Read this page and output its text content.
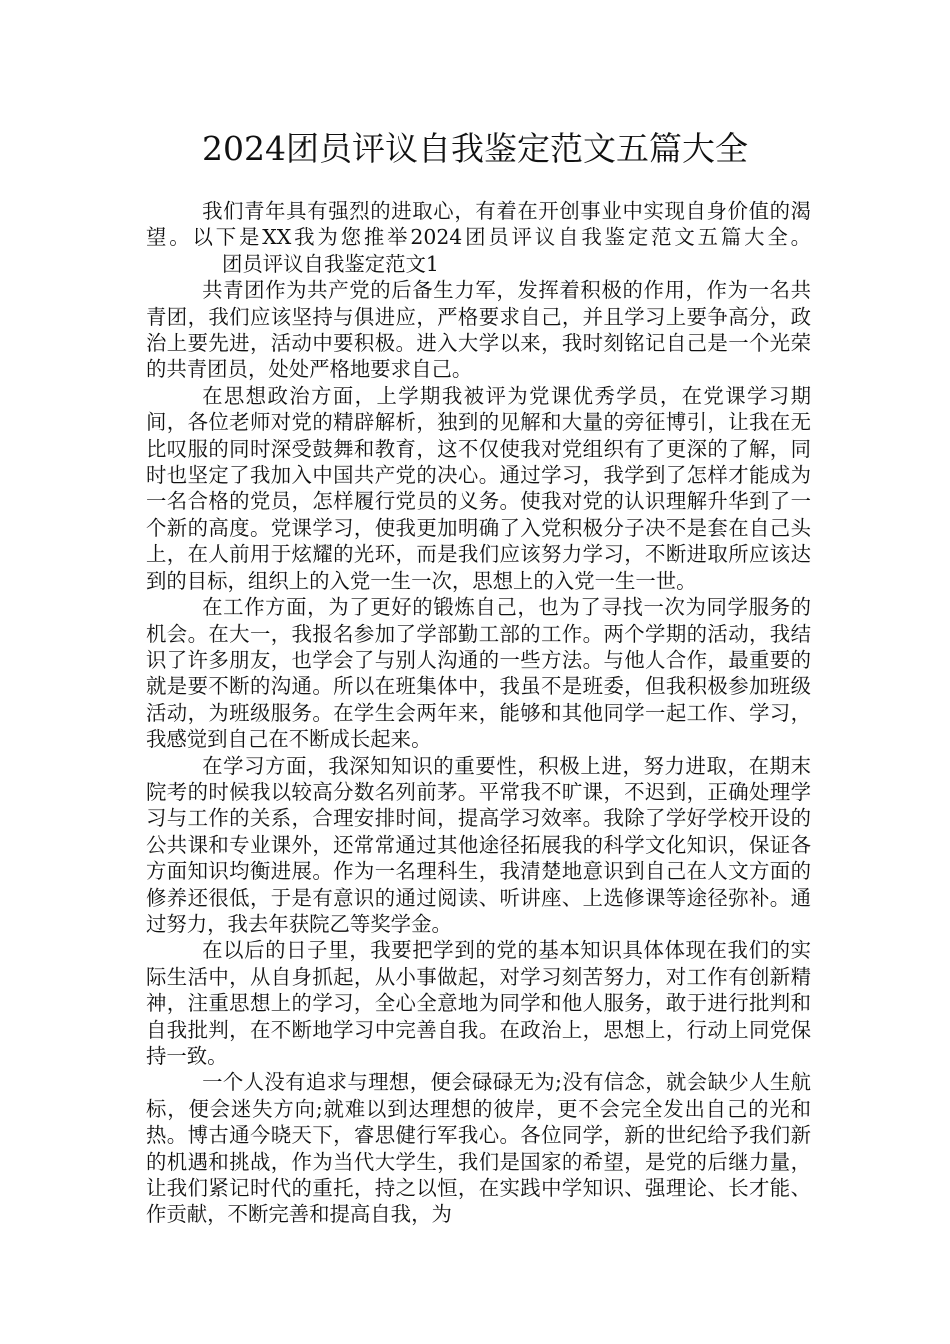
2024团员评议自我鉴定范文五篇大全

我们青年具有强烈的进取心，有着在开创事业中实现自身价值的渴望。以下是XX我为您推举2024团员评议自我鉴定范文五篇大全。团员评议自我鉴定范文1

共青团作为共产党的后备生力军，发挥着积极的作用，作为一名共青团，我们应该坚持与俱进应，严格要求自己，并且学习上要争高分，政治上要先进，活动中要积极。进入大学以来，我时刻铭记自己是一个光荣的共青团员，处处严格地要求自己。

在思想政治方面，上学期我被评为党课优秀学员，在党课学习期间，各位老师对党的精辟解析，独到的见解和大量的旁征博引，让我在无比叹服的同时深受鼓舞和教育，这不仅使我对党组织有了更深的了解，同时也坚定了我加入中国共产党的决心。通过学习，我学到了怎样才能成为一名合格的党员，怎样履行党员的义务。使我对党的认识理解升华到了一个新的高度。党课学习，使我更加明确了入党积极分子决不是套在自己头上，在人前用于炫耀的光环，而是我们应该努力学习，不断进取所应该达到的目标，组织上的入党一生一次，思想上的入党一生一世。

在工作方面，为了更好的锻炼自己，也为了寻找一次为同学服务的机会。在大一，我报名参加了学部勤工部的工作。两个学期的活动，我结识了许多朋友，也学会了与别人沟通的一些方法。与他人合作，最重要的就是要不断的沟通。所以在班集体中，我虽不是班委，但我积极参加班级活动，为班级服务。在学生会两年来，能够和其他同学一起工作、学习，我感觉到自己在不断成长起来。

在学习方面，我深知知识的重要性，积极上进，努力进取，在期末院考的时候我以较高分数名列前茅。平常我不旷课，不迟到，正确处理学习与工作的关系，合理安排时间，提高学习效率。我除了学好学校开设的公共课和专业课外，还常常通过其他途径拓展我的科学文化知识，保证各方面知识均衡进展。作为一名理科生，我清楚地意识到自己在人文方面的修养还很低，于是有意识的通过阅读、听讲座、上选修课等途径弥补。通过努力，我去年获院乙等奖学金。

在以后的日子里，我要把学到的党的基本知识具体体现在我们的实际生活中，从自身抓起，从小事做起，对学习刻苦努力，对工作有创新精神，注重思想上的学习，全心全意地为同学和他人服务，敢于进行批判和自我批判，在不断地学习中完善自我。在政治上，思想上，行动上同党保持一致。

一个人没有追求与理想，便会碌碌无为;没有信念，就会缺少人生航标，便会迷失方向;就难以到达理想的彼岸，更不会完全发出自己的光和热。博古通今晓天下，睿思健行军我心。各位同学，新的世纪给予我们新的机遇和挑战，作为当代大学生，我们是国家的希望，是党的后继力量，让我们紧记时代的重托，持之以恒，在实践中学知识、强理论、长才能、作贡献，不断完善和提高自我，为
